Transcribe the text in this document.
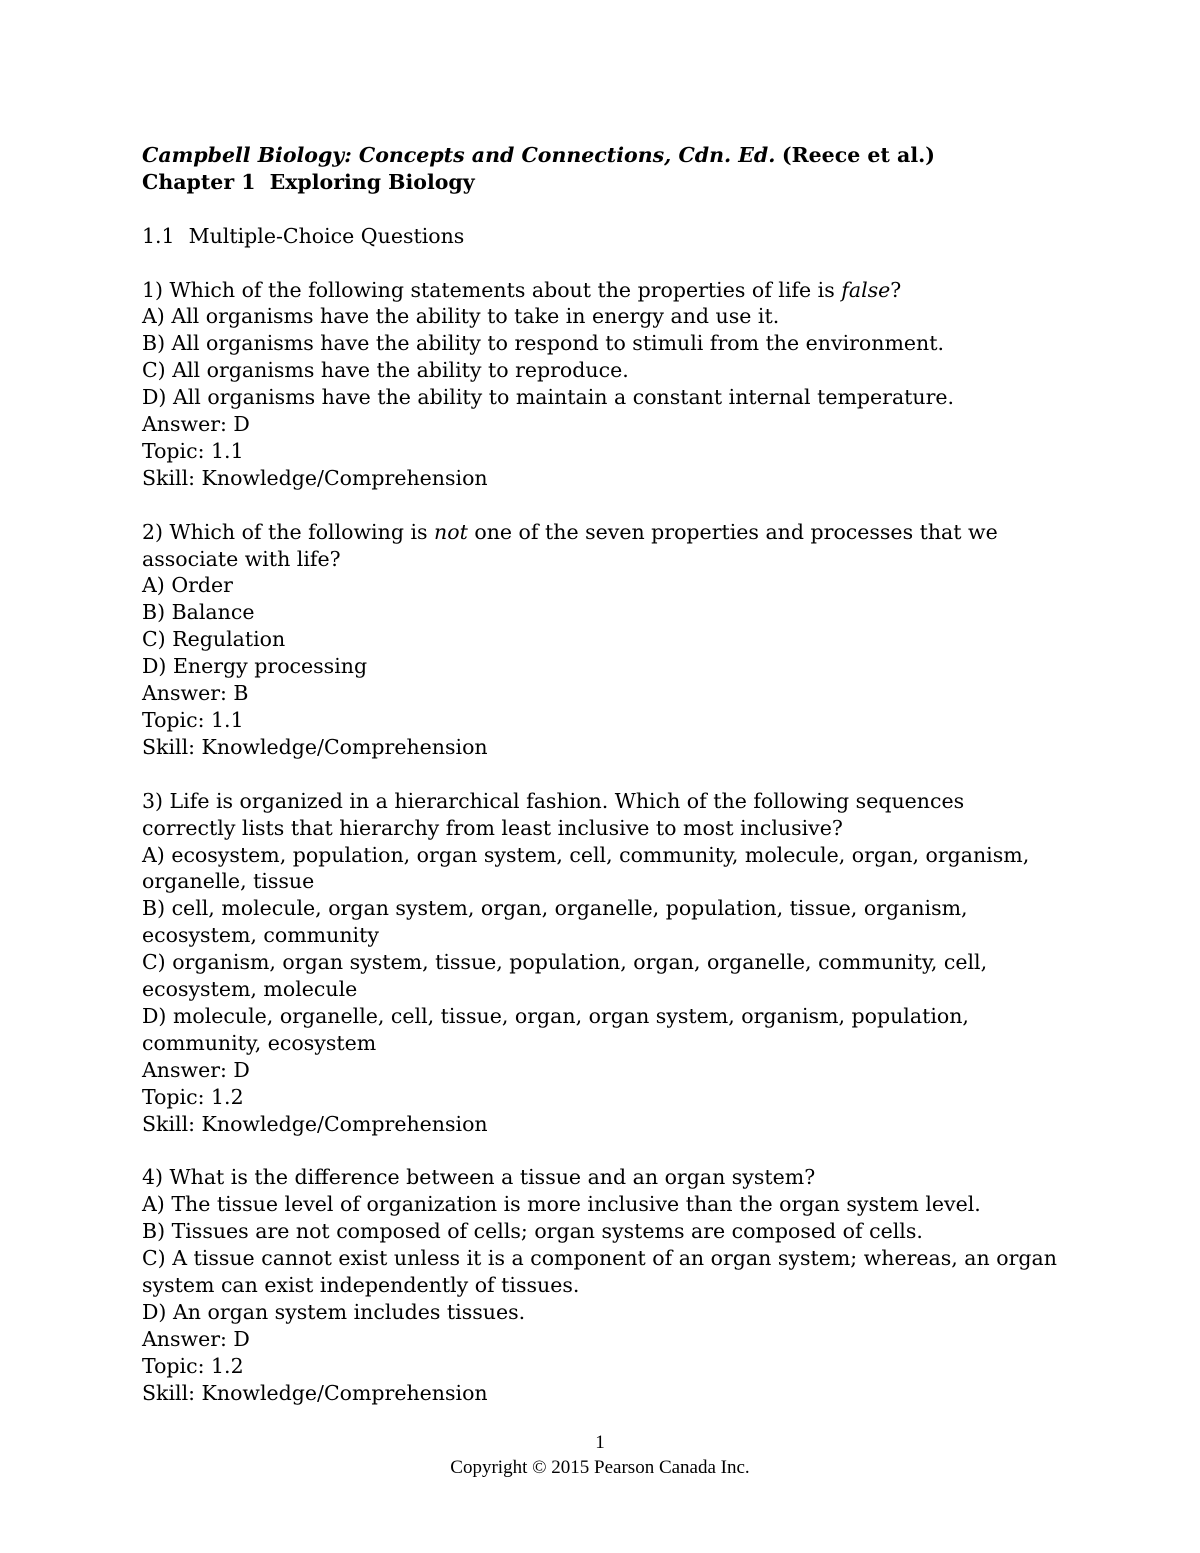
Campbell Biology: Concepts and Connections, Cdn. Ed. (Reece et al.)
Chapter 1 Exploring Biology
1.1 Multiple-Choice Questions
1) Which of the following statements about the properties of life is false?
A) All organisms have the ability to take in energy and use it.
B) All organisms have the ability to respond to stimuli from the environment.
C) All organisms have the ability to reproduce.
D) All organisms have the ability to maintain a constant internal temperature.
Answer: D
Topic: 1.1
Skill: Knowledge/Comprehension
2) Which of the following is not one of the seven properties and processes that we associate with life?
A) Order
B) Balance
C) Regulation
D) Energy processing
Answer: B
Topic: 1.1
Skill: Knowledge/Comprehension
3) Life is organized in a hierarchical fashion. Which of the following sequences correctly lists that hierarchy from least inclusive to most inclusive?
A) ecosystem, population, organ system, cell, community, molecule, organ, organism, organelle, tissue
B) cell, molecule, organ system, organ, organelle, population, tissue, organism, ecosystem, community
C) organism, organ system, tissue, population, organ, organelle, community, cell, ecosystem, molecule
D) molecule, organelle, cell, tissue, organ, organ system, organism, population, community, ecosystem
Answer: D
Topic: 1.2
Skill: Knowledge/Comprehension
4) What is the difference between a tissue and an organ system?
A) The tissue level of organization is more inclusive than the organ system level.
B) Tissues are not composed of cells; organ systems are composed of cells.
C) A tissue cannot exist unless it is a component of an organ system; whereas, an organ system can exist independently of tissues.
D) An organ system includes tissues.
Answer: D
Topic: 1.2
Skill: Knowledge/Comprehension
1
Copyright © 2015 Pearson Canada Inc.
